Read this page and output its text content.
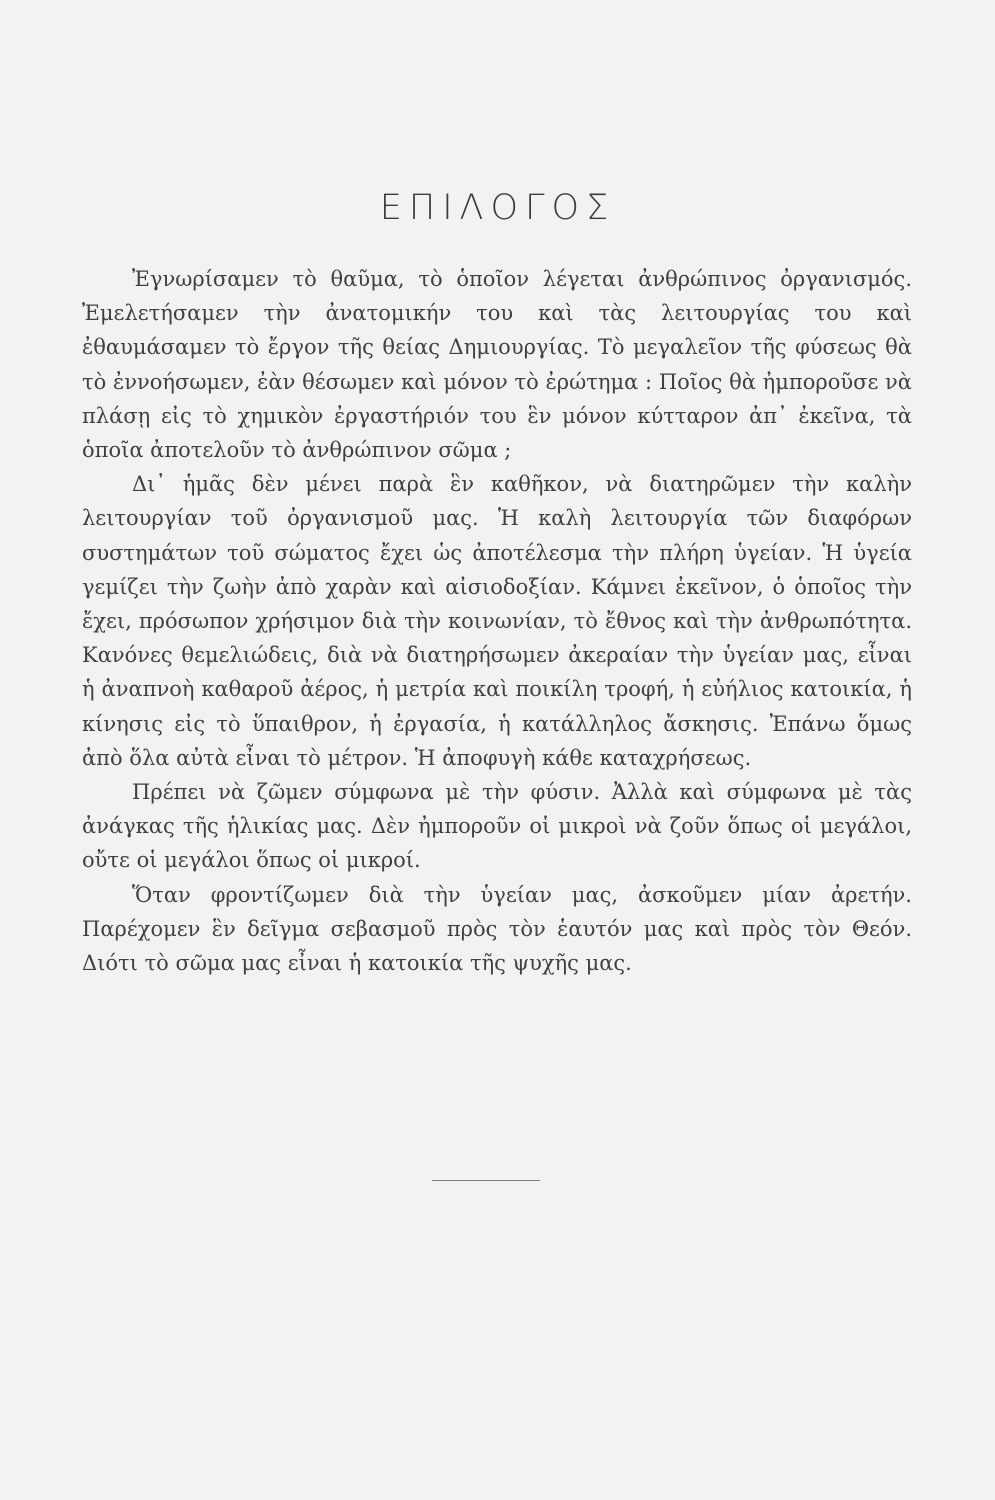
ΕΠΙΛΟΓΟΣ

Ἐγνωρίσαμεν τὸ θαῦμα, τὸ ὁποῖον λέγεται ἀνθρώπινος ὀργανισμός. Ἐμελετήσαμεν τὴν ἀνατομικήν του καὶ τὰς λειτουργίας του καὶ ἐθαυμάσαμεν τὸ ἔργον τῆς θείας Δημιουργίας. Τὸ μεγαλεῖον τῆς φύσεως θὰ τὸ ἐννοήσωμεν, ἐὰν θέσωμεν καὶ μόνον τὸ ἐρώτημα : Ποῖος θὰ ἠμποροῦσε νὰ πλάσῃ εἰς τὸ χημικὸν ἐργαστήριόν του ἓν μόνον κύτταρον ἀπ᾽ ἐκεῖνα, τὰ ὁποῖα ἀποτελοῦν τὸ ἀνθρώπινον σῶμα ;

Δι᾽ ἡμᾶς δὲν μένει παρὰ ἓν καθῆκον, νὰ διατηρῶμεν τὴν καλὴν λειτουργίαν τοῦ ὀργανισμοῦ μας. Ἡ καλὴ λειτουργία τῶν διαφόρων συστημάτων τοῦ σώματος ἔχει ὡς ἀποτέλεσμα τὴν πλήρη ὑγείαν. Ἡ ὑγεία γεμίζει τὴν ζωὴν ἀπὸ χαρὰν καὶ αἰσιοδοξίαν. Κάμνει ἐκεῖνον, ὁ ὁποῖος τὴν ἔχει, πρόσωπον χρήσιμον διὰ τὴν κοινωνίαν, τὸ ἔθνος καὶ τὴν ἀνθρωπότητα. Κανόνες θεμελιώδεις, διὰ νὰ διατηρήσωμεν ἀκεραίαν τὴν ὑγείαν μας, εἶναι ἡ ἀναπνοὴ καθαροῦ ἀέρος, ἡ μετρία καὶ ποικίλη τροφή, ἡ εὐήλιος κατοικία, ἡ κίνησις εἰς τὸ ὕπαιθρον, ἡ ἐργασία, ἡ κατάλληλος ἄσκησις. Ἐπάνω ὅμως ἀπὸ ὅλα αὐτὰ εἶναι τὸ μέτρον. Ἡ ἀποφυγὴ κάθε καταχρήσεως.

Πρέπει νὰ ζῶμεν σύμφωνα μὲ τὴν φύσιν. Ἀλλὰ καὶ σύμφωνα μὲ τὰς ἀνάγκας τῆς ἡλικίας μας. Δὲν ἠμποροῦν οἱ μικροὶ νὰ ζοῦν ὅπως οἱ μεγάλοι, οὔτε οἱ μεγάλοι ὅπως οἱ μικροί.

Ὅταν φροντίζωμεν διὰ τὴν ὑγείαν μας, ἀσκοῦμεν μίαν ἀρετήν. Παρέχομεν ἓν δεῖγμα σεβασμοῦ πρὸς τὸν ἑαυτόν μας καὶ πρὸς τὸν Θεόν. Διότι τὸ σῶμα μας εἶναι ἡ κατοικία τῆς ψυχῆς μας.
